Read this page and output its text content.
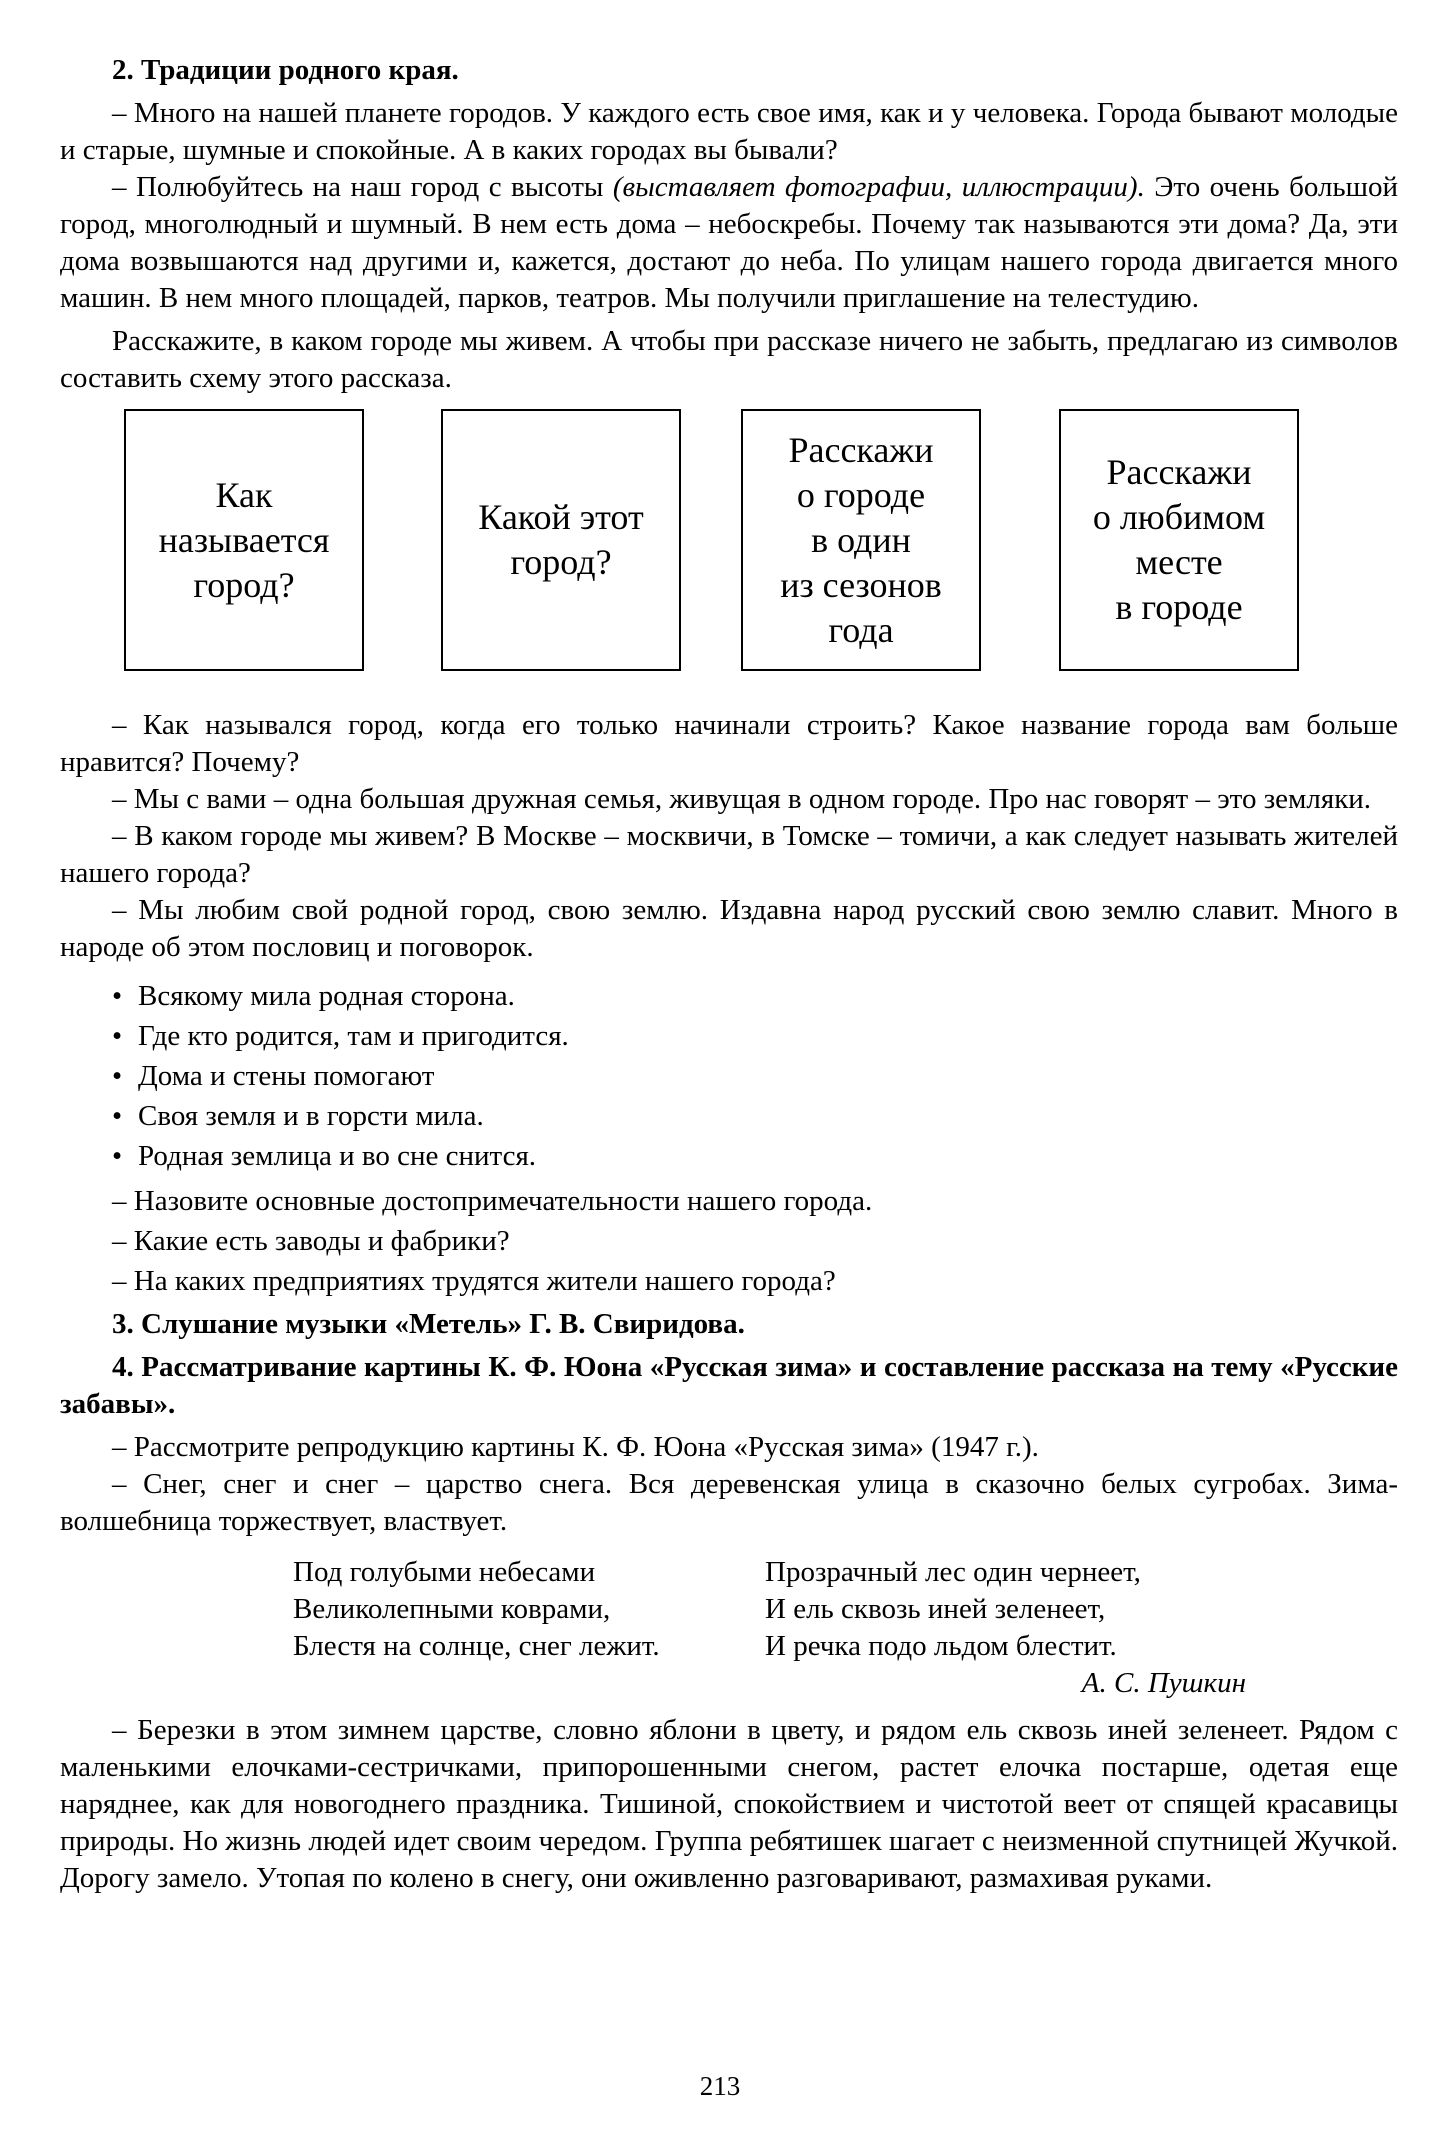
2. Традиции родного края.

– Много на нашей планете городов. У каждого есть свое имя, как и у человека. Города бывают молодые и старые, шумные и спокойные. А в каких городах вы бывали?

– Полюбуйтесь на наш город с высоты (выставляет фотографии, иллюстрации). Это очень большой город, многолюдный и шумный. В нем есть дома – небоскребы. Почему так называются эти дома? Да, эти дома возвышаются над другими и, кажется, достают до неба. По улицам нашего города двигается много машин. В нем много площадей, парков, театров. Мы получили приглашение на телестудию.

Расскажите, в каком городе мы живем. А чтобы при рассказе ничего не забыть, предлагаю из символов составить схему этого рассказа.

Как
называется
город?
Какой этот
город?
Расскажи
о городе
в один
из сезонов
года
Расскажи
о любимом
месте
в городе

– Как назывался город, когда его только начинали строить? Какое название города вам больше нравится? Почему?

– Мы с вами – одна большая дружная семья, живущая в одном городе. Про нас говорят – это земляки.

– В каком городе мы живем? В Москве – москвичи, в Томске – томичи, а как следует называть жителей нашего города?

– Мы любим свой родной город, свою землю. Издавна народ русский свою землю славит. Много в народе об этом пословиц и поговорок.

• Всякому мила родная сторона.
• Где кто родится, там и пригодится.
• Дома и стены помогают
• Своя земля и в горсти мила.
• Родная землица и во сне снится.

– Назовите основные достопримечательности нашего города.

– Какие есть заводы и фабрики?

– На каких предприятиях трудятся жители нашего города?

3. Слушание музыки «Метель» Г. В. Свиридова.

4. Рассматривание картины К. Ф. Юона «Русская зима» и составление рассказа на тему «Русские забавы».

– Рассмотрите репродукцию картины К. Ф. Юона «Русская зима» (1947 г.).

– Снег, снег и снег – царство снега. Вся деревенская улица в сказочно белых сугробах. Зима-волшебница торжествует, властвует.

Под голубыми небесами
Великолепными коврами,
Блестя на солнце, снег лежит.
Прозрачный лес один чернеет,
И ель сквозь иней зеленеет,
И речка подо льдом блестит.
А. С. Пушкин

– Березки в этом зимнем царстве, словно яблони в цвету, и рядом ель сквозь иней зеленеет. Рядом с маленькими елочками-сестричками, припорошенными снегом, растет елочка постарше, одетая еще наряднее, как для новогоднего праздника. Тишиной, спокойствием и чистотой веет от спящей красавицы природы. Но жизнь людей идет своим чередом. Группа ребятишек шагает с неизменной спутницей Жучкой. Дорогу замело. Утопая по колено в снегу, они оживленно разговаривают, размахивая руками.

213
